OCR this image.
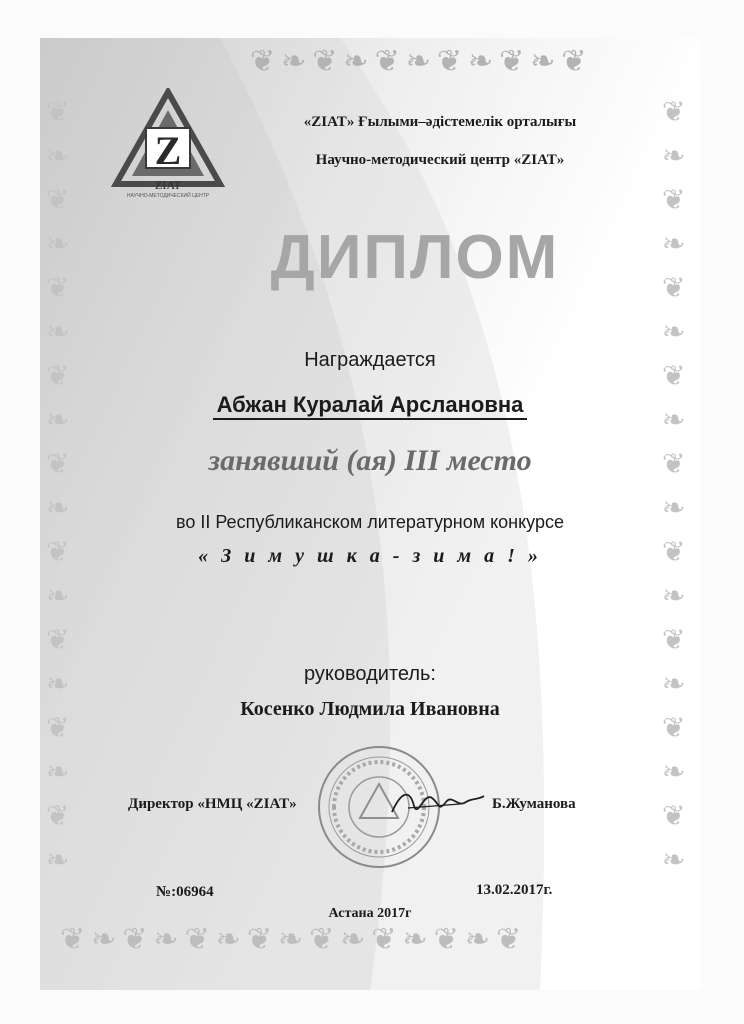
❦❧❦❧❦❧❦❧❦❧❦
❦
❧
❦
❧
❦
❧
❦
❧
❦
❧
❦
❧
❦
❧
❦
❧
❦
❧
❦
❧
❦
❧
❦
❧
❦
❧
❦
❧
❦
❧
❦
❧
❦
❧
❦
❧
❦❧❦❧❦❧❦❧❦❧❦❧❦❧❦
Z
ZIAT
НАУЧНО-МЕТОДИЧЕСКИЙ ЦЕНТР
«ZIAT» Ғылыми–әдістемелік орталығы
Научно-методический центр «ZIAT»
ДИПЛОМ
Награждается
Абжан Куралай Арслановна
занявший (ая) III место
во II Республиканском литературном конкурсе
« З и м у ш к а - з и м а ! »
руководитель:
Косенко Людмила Ивановна
Директор «НМЦ «ZIAT»	Б.Жуманова
№:06964	13.02.2017г.
Астана 2017г
